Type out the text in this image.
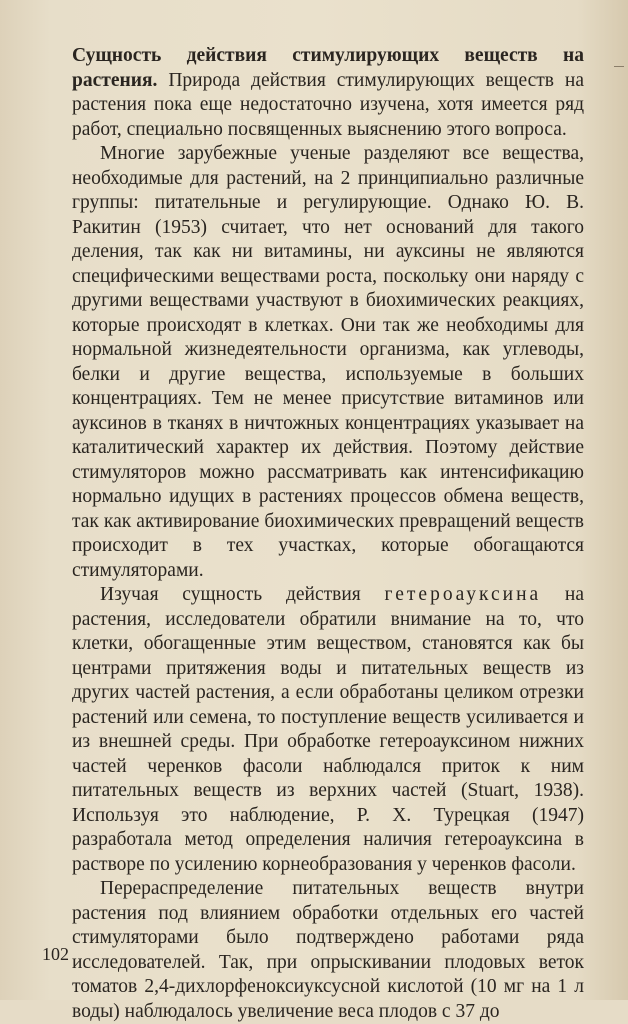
Сущность действия стимулирующих веществ на растения. Природа действия стимулирующих веществ на растения пока еще недостаточно изучена, хотя имеется ряд работ, специально посвященных выяснению этого вопроса.

Многие зарубежные ученые разделяют все вещества, необходимые для растений, на 2 принципиально различные группы: питательные и регулирующие. Однако Ю. В. Ракитин (1953) считает, что нет оснований для такого деления, так как ни витамины, ни ауксины не являются специфическими веществами роста, поскольку они наряду с другими веществами участвуют в биохимических реакциях, которые происходят в клетках. Они так же необходимы для нормальной жизнедеятельности организма, как углеводы, белки и другие вещества, используемые в больших концентрациях. Тем не менее присутствие витаминов или ауксинов в тканях в ничтожных концентрациях указывает на каталитический характер их действия. Поэтому действие стимуляторов можно рассматривать как интенсификацию нормально идущих в растениях процессов обмена веществ, так как активирование биохимических превращений веществ происходит в тех участках, которые обогащаются стимуляторами.

Изучая сущность действия гетероауксина на растения, исследователи обратили внимание на то, что клетки, обогащенные этим веществом, становятся как бы центрами притяжения воды и питательных веществ из других частей растения, а если обработаны целиком отрезки растений или семена, то поступление веществ усиливается и из внешней среды. При обработке гетероауксином нижних частей черенков фасоли наблюдался приток к ним питательных веществ из верхних частей (Stuart, 1938). Используя это наблюдение, Р. Х. Турецкая (1947) разработала метод определения наличия гетероауксина в растворе по усилению корнеобразования у черенков фасоли.

Перераспределение питательных веществ внутри растения под влиянием обработки отдельных его частей стимуляторами было подтверждено работами ряда исследователей. Так, при опрыскивании плодовых веток томатов 2,4-дихлорфеноксиуксусной кислотой (10 мг на 1 л воды) наблюдалось увеличение веса плодов с 37 до

102
